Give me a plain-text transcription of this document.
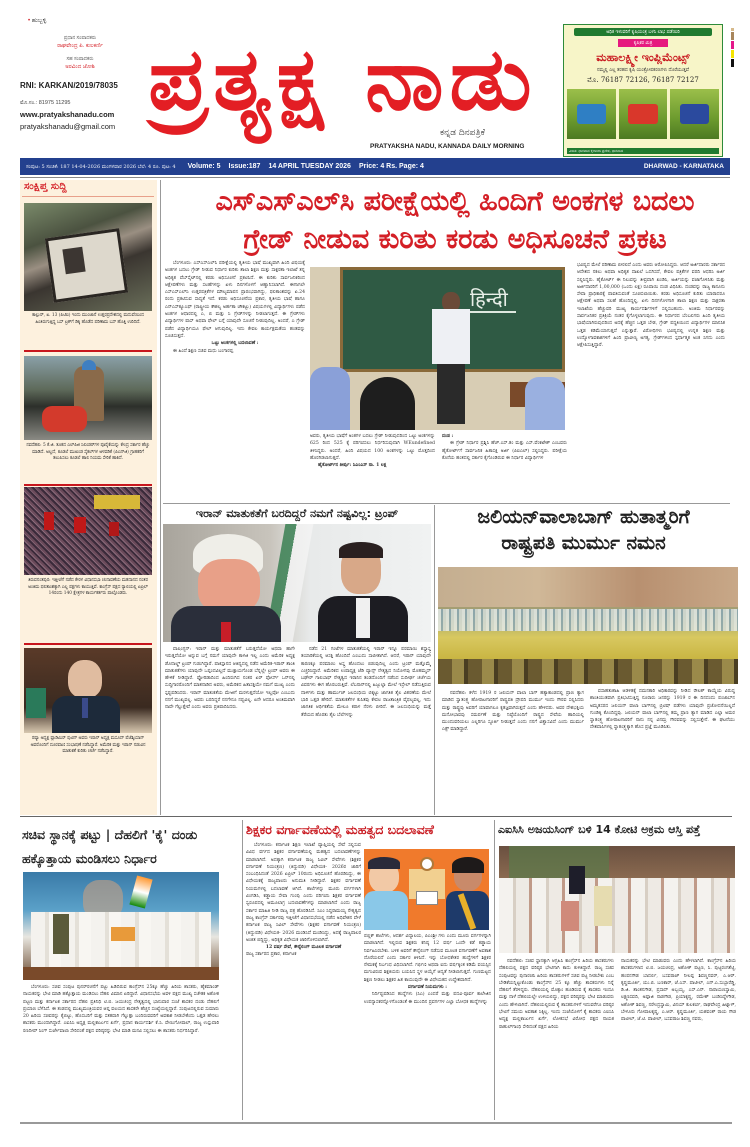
• ಹುಬ್ಬಳ್ಳಿ
ಪ್ರಧಾನ ಸಂಪಾದಕರು
ರಾಘವೇಂದ್ರ ಪಿ. ಕುಲಕರ್ಣಿ
ಸಹ ಸಂಪಾದಕರು
ಅರವಿಂದ ಜೋಶಿ
RNI: KARKAN/2019/78035
ಮೊ.ಸಂ.: 81975 11295
www.pratyakshanadu.com
pratyakshanadu@gmail.com ಪ್ರತ್ಯಕ್ಷ ನಾಡು
ಕನ್ನಡ ದಿನಪತ್ರಿಕೆ
PRATYAKSHA NADU, KANNADA DAILY MORNING
ಅಧಿಕ ಇಳುವರಿಗೆ ಕೃಷಿಯಂತ್ರ ಬಳಸಿ ಲಾಭ ಪಡೆಯಿರಿ
ಕೃಷಿಕರ ಮಿತ್ರ
ಮಹಾಲಕ್ಷ್ಮೀ ಇಂಪ್ಲಿಮೆಂಟ್ಸ್
ನಮ್ಮಲ್ಲಿ ಎಲ್ಲ ತರಹದ ಕೃಷಿ ಯಂತ್ರೋಪಕರಣಗಳು ದೊರೆಯುತ್ತವೆ
ಮೊ. 76187 72126, 76187 72127
ವಿಳಾಸ: ಧಾರವಾಡ ಕೈಗಾರಿಕಾ ಪ್ರದೇಶ, ಧಾರವಾಡ
ಸಂಪುಟ: 5 ಸಂಚಿಕೆ: 187 14-04-2026 ಮಂಗಳವಾರ 2026 ಬೆಲೆ: 4 ರೂ. ಪುಟ: 4 Volume: 5 Issue:187 14 APRIL TUESDAY 2026 Price: 4 Rs. Page: 4	DHARWAD - KARNATAKA
ಸಂಕ್ಷಿಪ್ತ ಸುದ್ದಿ
ಕಾಲ್ಪುರ್, ಏ. 13 (ಪಿಟಿಐ) ಇಂದು ಮುಂಜಾನೆ ಉತ್ತರಪ್ರದೇಶದಲ್ಲಿ ಮದುವೆಯಿಂದ ಹಿಂತಿರುಗುತ್ತಿದ್ದ ಬಸ್ ಟ್ರಕ್‌ಗೆ ಡಿಕ್ಕಿ ಹೊಡೆದ ಪರಿಣಾಮ ಬಸ್ ಹೊತ್ತಿ ಉರಿದಿದೆ.
ನವದೆಹಲಿ: 5 ಕೆ.ಜಿ. ತೂಕದ ಎಲ್‌ಪಿಜಿ ಸಿಲಿಂಡರ್‌ಗಳ ಪೂರೈಕೆಯನ್ನು ಕೇಂದ್ರ ಸರ್ಕಾರ ಹೆಚ್ಚು ಮಾಡಿದೆ. ಅಲ್ಲದೆ, ಕೂಡಲೆ ಮುಖಂಡ ಸೈಕಲ್‌ಗಳ ಅಳವಡಿಕೆ (ಪಿಎನ್‌ಜಿ) ಗ್ರಾಹಕರಿಗೆ ತಲುಪಿಸಲು ಕೂಡಲೆ ಹಾಲಿ ನಿಯಮ ಸೇರಿಕೆ ಹಾಕಿದೆ.
ತಿರುವನಂತಪುರ: ಇತ್ತೀಚೆಗೆ ನಡೆದ ಕೇರಳ ವಿಧಾನಸಭಾ ಚುನಾವಣೆಯ ಮತದಾನದ ನಂತರ ಅಂತಿಮ ಫಲಿತಾಂಶಕ್ಕಾಗಿ ಎಲ್ಲ ಪಕ್ಷಗಳು ಕಾಯುತ್ತಿವೆ. ಕಾಂಗ್ರೆಸ್ ಪಕ್ಷದ ರ‍್ಯಾಲಿಯಲ್ಲಿ ಏಪ್ರಿಲ್ 14ರಂದು 140 ಕ್ಷೇತ್ರಗಳ ಕಾರ್ಯಕರ್ತರು ಪಾಲ್ಗೊಂಡರು.
ರಷ್ಯಾ ಅಧ್ಯಕ್ಷ ವ್ಲಾಡಿಮಿರ್ ಪುಟಿನ್ ಅವರು ಇರಾನ್ ಅಧ್ಯಕ್ಷ ಮಸೂದ್ ಪೆಜೆಶ್ಕಿಯಾನ್ ಅವರೊಂದಿಗೆ ದೂರವಾಣಿ ಸಂಭಾಷಣೆ ನಡೆಸಿದ್ದಾರೆ. ಅಮೆರಿಕ ಮತ್ತು ಇರಾನ್ ನಡುವಿನ ಮಾತುಕತೆ ಕುರಿತು ಚರ್ಚೆ ನಡೆಸಿದ್ದಾರೆ.
ಎಸ್‌ಎಸ್‌ಎಲ್‌ಸಿ ಪರೀಕ್ಷೆಯಲ್ಲಿ ಹಿಂದಿಗೆ ಅಂಕಗಳ ಬದಲು
ಗ್ರೇಡ್ ನೀಡುವ ಕುರಿತು ಕರಡು ಅಧಿಸೂಚನೆ ಪ್ರಕಟ

ಬೆಂಗಳೂರು: ಎಸ್‌ಎಸ್‌ಎಲ್‌ಸಿ ಪರೀಕ್ಷೆಯಲ್ಲಿ ತೃತೀಯ ಭಾಷೆ ಮುಖ್ಯವಾಗಿ ಹಿಂದಿ ವಿಷಯಕ್ಕೆ ಅಂಕಗಳ ಬದಲು ಗ್ರೇಡ್ ನೀಡುವ ನಿರ್ಧಾರ ಕುರಿತು ಶಾಲಾ ಶಿಕ್ಷಣ ಮತ್ತು ಸಾಕ್ಷರತಾ ಇಲಾಖೆ ತನ್ನ ಅಧಿಕೃತ ವೆಬ್‌ಸೈಟ್‌ನಲ್ಲಿ ಕರಡು ಅಧಿಸೂಚನೆ ಪ್ರಕಟಿಸಿದೆ. ಈ ಕುರಿತು ಸಾರ್ವಜನಿಕರಿಂದ ಆಕ್ಷೇಪಣೆಗಳು ಮತ್ತು ಸಲಹೆಗಳನ್ನು ಏಳು ದಿನಗಳೊಳಗೆ ಆಹ್ವಾನಿಸಲಾಗಿದೆ. ಈಗಾಗಲೇ ಎಸ್‌ಎಸ್‌ಎಲ್‌ಸಿ ಉತ್ತರಪತ್ರಿಕೆಗಳ ಮೌಲ್ಯಮಾಪನ ಪ್ರಾರಂಭವಾಗಿದ್ದು, ಫಲಿತಾಂಶವನ್ನು ಏ.24 ರಂದು ಪ್ರಕಟಿಸುವ ಸಾಧ್ಯತೆ ಇದೆ. ಕರಡು ಅಧಿಸೂಚನೆಯ ಪ್ರಕಾರ, ತೃತೀಯ ಭಾಷೆ ಹಾಗೂ ಎನ್‌ಎಸ್‌ಕ್ಯೂಎಫ್ (ರಾಷ್ಟ್ರೀಯ ಕೌಶಲ್ಯ ಅರ್ಹತಾ ಚೌಕಟ್ಟು) ವಿಷಯಗಳಲ್ಲಿ ವಿದ್ಯಾರ್ಥಿಗಳು ಪಡೆದ ಅಂಕಗಳ ಆಧಾರದಲ್ಲಿ ಎ, ಬಿ ಮತ್ತು ಸಿ ಗ್ರೇಡ್‌ಗಳನ್ನು ನೀಡಲಾಗುತ್ತದೆ. ಈ ಗ್ರೇಡ್‌ಗಳು ವಿದ್ಯಾರ್ಥಿಗಳ ಪಾಸ್ ಅಥವಾ ಫೇಲ್ ಬಗ್ಗೆ ಯಾವುದೇ ಸೂಚನೆ ನೀಡುವುದಿಲ್ಲ. ಅಂದರೆ, ಎ ಗ್ರೇಡ್ ಪಡೆದ ವಿದ್ಯಾರ್ಥಿಯೂ ಫೇಲ್ ಆಗುವುದಿಲ್ಲ. ಇದು ಕೇವಲ ಕಾರ್ಯಕ್ಷಮತೆಯ ಹಂತವನ್ನು ಸೂಚಿಸುತ್ತದೆ.

ಒಟ್ಟು ಅಂಕಗಳಲ್ಲಿ ಬದಲಾವಣೆ :

ಈ ಹಿಂದೆ ಶಿಕ್ಷಣ ಸಚಿವ ಮಧು ಬಂಗಾರಪ್ಪ

हिन्दी

ಅವರು, ತೃತೀಯ ಭಾಷೆಗೆ ಅಂಕಗಳ ಬದಲು ಗ್ರೇಡ್ ನೀಡುವುದರಿಂದ ಒಟ್ಟು ಅಂಕಗಳನ್ನು 625 ರಿಂದ 525 ಕ್ಕೆ ಪರಿಗಣಿಸಲು ನಿರ್ಧರಿಸುವುದಾಗಿ WEundefined ತಿಳಿಸಿದ್ದರು. ಅಂದರೆ, ಹಿಂದಿ ವಿಷಯದ 100 ಅಂಕಗಳನ್ನು ಒಟ್ಟು ಮೊತ್ತದಿಂದ ಹೊರಗಿಡಲಾಗುತ್ತದೆ.

ಹೈಕೋರ್ಟ್‌ನ ತೀರ್ಪು: ಸಿಎಂಎಸ್ ನಾ. 1 ಲಕ್ಷ

ದಂಡ :

ಈ ಗ್ರೇಡ್ ನಿರ್ಧಾರ ಪ್ರಶ್ನಿಸಿ ಹೆಚ್.ಎಸ್.ತಂ ಮತ್ತು ಎಸ್.ವೆಂಕಟೇಶ್ ಎಂಬವರು ಹೈಕೋರ್ಟ್‌ಗೆ ಸಾರ್ವಜನಿಕ ಹಿತಾಸಕ್ತಿ ಅರ್ಜಿ (ಪಿಐಎಲ್) ಸಲ್ಲಿಸಿದ್ದರು. ಪರೀಕ್ಷೆಯ ಕೊನೆಯ ಹಂತದಲ್ಲಿ ಸರ್ಕಾರ ಕೈಗೊಂಡಿರುವ ಈ ನಿರ್ಧಾರ ವಿದ್ಯಾರ್ಥಿಗಳ

ಭವಿಷ್ಯದ ಮೇಲೆ ಪರಿಣಾಮ ಬೀರಲಿದೆ ಎಂದು ಅವರು ಆರೋಪಿಸಿದ್ದರು. ಆದರೆ ಅರ್ಜಿದಾರರು ಸರ್ಕಾರದ ಆದೇಶದ ನಕಲು ಅಥವಾ ಅಧಿಕೃತ ದಾಖಲೆ ಒದಗಿಸದೆ, ಕೇವಲ ಪತ್ರಿಕೆಗಳ ವರದಿ ಆಧರಿಸಿ ಅರ್ಜಿ ಸಲ್ಲಿಸಿದ್ದರು. ಹೈಕೋರ್ಟ್ ಈ ನಿಲುವನ್ನು ತೀವ್ರವಾಗಿ ಖಂಡಿಸಿ, ಅರ್ಜಿಯನ್ನು ವಜಾಗೊಳಿಸಿತು ಮತ್ತು ಅರ್ಜಿದಾರರಿಗೆ 1,00,000 (ಒಂದು ಲಕ್ಷ) ರೂಪಾಯಿ ದಂಡ ವಿಧಿಸಿತು. ದಂಡವನ್ನು ರಾಜ್ಯ ಕಾನೂನು ಸೇವಾ ಪ್ರಾಧಿಕಾರಕ್ಕೆ ಪಾವತಿಸುವಂತೆ ಸೂಚಿಸಲಾಯಿತು. ಕರಡು ಅಧಿಸೂಚನೆ ಕುರಿತು ಯಾರಾದರೂ ಆಕ್ಷೇಪಣೆ ಅಥವಾ ಸಲಹೆ ಹೊಂದಿದ್ದಲ್ಲಿ, ಏಳು ದಿನಗಳೊಳಗಾಗಿ ಶಾಲಾ ಶಿಕ್ಷಣ ಮತ್ತು ಸಾಕ್ಷರತಾ ಇಲಾಖೆಯ ಹೆಚ್ಚುವರಿ ಮುಖ್ಯ ಕಾರ್ಯದರ್ಶಿಗಳಿಗೆ ಸಲ್ಲಿಸಬಹುದು. ಅಂತಿಮ ನಿರ್ಧಾರವನ್ನು ಸಾರ್ವಜನಿಕರ ಪ್ರತಿಕ್ರಿಯೆ ನಂತರ ಕೈಗೊಳ್ಳಲಾಗುವುದು. ಈ ನಿರ್ಧಾರದ ಬೆಂಬಲಿಗರು ಹಿಂದಿ ತೃತೀಯ ಭಾಷೆಯಾಗಿರುವುದರಿಂದ ಅದಕ್ಕೆ ಹೆಚ್ಚಿನ ಒತ್ತಡ ಬೇಡ, ಗ್ರೇಡ್ ಪದ್ಧತಿಯಿಂದ ವಿದ್ಯಾರ್ಥಿಗಳ ಮಾನಸಿಕ ಒತ್ತಡ ಕಡಿಮೆಯಾಗುತ್ತದೆ ಎನ್ನುತ್ತಾರೆ. ವಿರೋಧಿಗಳು ಭವಿಷ್ಯದಲ್ಲಿ ಉನ್ನತ ಶಿಕ್ಷಣ ಮತ್ತು ಉದ್ಯೋಗಾವಕಾಶಗಳಿಗೆ ಹಿಂದಿ ಪ್ರಾವೀಣ್ಯ ಅಗತ್ಯ, ಗ್ರೇಡ್‌ಗಳಿಂದ ಸ್ಪರ್ಧಾತ್ಮಕ ಅಂಕ ಸಿಗದು ಎಂದು ಆಕ್ಷೇಪಿಸುತ್ತಿದ್ದಾರೆ.

ಇರಾನ್ ಮಾತುಕತೆಗೆ ಬರದಿದ್ದರೆ ನಮಗೆ ನಷ್ಟವಿಲ್ಲ: ಟ್ರಂಪ್

ವಾಷಿಂಗ್ಟನ್: ಇರಾನ್ ಮತ್ತು ಮಾತುಕತೆಗೆ ಬರುತ್ತದೆಯೋ ಅಥವಾ ಹಾಗೇ ಇರುತ್ತದೆಯೋ ಅನ್ನುವ ಬಗ್ಗೆ ನಮಗೆ ಯಾವುದೇ ಕಾಳಜಿ ಇಲ್ಲ ಎಂದು ಅಮೆರಿಕ ಅಧ್ಯಕ್ಷ ಡೊನಾಲ್ಡ್ ಟ್ರಂಪ್ ಗುಡುಗಿದ್ದಾರೆ. ಪಾಕಿಸ್ತಾನದ ಆತಿಥ್ಯದಲ್ಲಿ ನಡೆದ ಅಮೆರಿಕ-ಇರಾನ್ ಶಾಂತಿ ಮಾತುಕತೆಗಳು ಯಾವುದೇ ಒಪ್ಪಂದವಿಲ್ಲದೆ ಮುಕ್ತಾಯಗೊಂಡ ಬೆನ್ನಲ್ಲೇ ಟ್ರಂಪ್ ಅವರು ಈ ಹೇಳಿಕೆ ನೀಡಿದ್ದಾರೆ. ಫ್ಲೋರಿಡಾದಿಂದ ಹಿಂದಿರುಗಿದ ನಂತರ ಏರ್ ಫೋರ್ಸ್ ಒನ್‌ನಲ್ಲಿ ಸುದ್ದಿಗಾರರೊಂದಿಗೆ ಮಾತನಾಡಿದ ಅವರು, ಅಮೆರಿಕದ ಹಿತಾಸಕ್ತಿಯೇ ನಮಗೆ ಮುಖ್ಯ ಎಂದು ಸ್ಪಷ್ಟಪಡಿಸಿದರು. ಇರಾನ್ ಮಾತುಕತೆಯ ಮೇಜಿಗೆ ಮರಳುತ್ತದೆಯೋ ಇಲ್ಲವೋ ಎಂಬುದು ನನಗೆ ಮುಖ್ಯವಲ್ಲ. ಅವರು ಬರದಿದ್ದರೆ ನನಗೇನೂ ನಷ್ಟವಿಲ್ಲ. ಏನೇ ಆದರೂ ಅಂತಿಮವಾಗಿ ನಾವೇ ಗೆಲ್ಲುತ್ತೇವೆ ಎಂದು ಅವರು ಪ್ರತಿಪಾದಿಸಿದರು.

ನಡೆದ 21 ಗಂಟೆಗಳ ಮಾತುಕತೆಯಲ್ಲಿ ಇರಾನ್ ಇನ್ನೂ ಪರಮಾಣು ಶಸ್ತ್ರಾಸ್ತ್ರ ತಯಾರಿಕೆಯಲ್ಲಿ ಆಸಕ್ತಿ ಹೊಂದಿದೆ ಎಂಬುದು ಸಾಬೀತಾಗಿದೆ. ಆದರೆ, ಇರಾನ್ ಯಾವುದೇ ಕಾರಣಕ್ಕೂ ಪರಮಾಣು ಅಸ್ತ್ರ ಹೊಂದಲು ಬಿಡುವುದಿಲ್ಲ ಎಂದು ಟ್ರಂಪ್ ಮತ್ತೊಮ್ಮೆ ಎಚ್ಚರಿಸಿದ್ದಾರೆ. ಅಮೆರಿಕದ ಉಪಾಧ್ಯಕ್ಷ ಜೆಡಿ ವ್ಯಾನ್ಸ್ ನೇತೃತ್ವದ ನಿಯೋಗವು ಮೊಹಮ್ಮದ್ ಬಘೇರ್ ಗಾಲಿಬಾಫ್ ನೇತೃತ್ವದ ಇರಾನಿನ ತಂಡದೊಂದಿಗೆ ನಡೆಸಿದ ಸುದೀರ್ಘ ಚರ್ಚೆಯ ವಿವರಗಳು ಈಗ ಹೊರಬರುತ್ತಿವೆ. ಲೆಬನಾನ್‌ನಲ್ಲಿ ಹಿಜ್ಬುಲ್ಲಾ ಮೇಲೆ ಇಸ್ರೇಲ್ ನಡೆಸುತ್ತಿರುವ ದಾಳಿಗಳು ಮತ್ತು ಹಾರ್ಮುಜ್ ಜಲಸಂಧಿಯ ಬಿಕ್ಕಟ್ಟು ಜಾಗತಿಕ ತೈಲ ವಿತರಣೆಯ ಮೇಲೆ ಭಾರಿ ಒತ್ತಡ ಹೇರಿದೆ. ಮಾತುಕತೆಗಳ ಕುಸಿತವು ಕೇವಲ ರಾಜತಾಂತ್ರಿಕ ವೈಫಲ್ಯವಲ್ಲ, ಇದು ಜಾಗತಿಕ ಆರ್ಥಿಕತೆಯ ಮೇಲೂ ಕರಾಳ ನೆರಳು ಬೀರಿದೆ. ಈ ಜಲಸಂಧಿಯನ್ನು ಮತ್ತೆ ತೆರೆಯದ ಹೊರತು ತೈಲ ಬೆಲೆಗಳನ್ನು

ಜಲಿಯನ್‌ವಾಲಾಬಾಗ್ ಹುತಾತ್ಮರಿಗೆ
ರಾಷ್ಟ್ರಪತಿ ಮುರ್ಮು ನಮನ

ನವದೆಹಲಿ: ಕಳೆದ 1919 ರ ಜಲಿಯನ್ ವಾಲಾ ಬಾಗ್ ಹತ್ಯಾಕಾಂಡದಲ್ಲಿ ಪ್ರಾಣ ತ್ಯಾಗ ಮಾಡಿದ ಸ್ವಾತಂತ್ರ್ಯ ಹೋರಾಟಗಾರರಿಗೆ ರಾಷ್ಟ್ರಪತಿ ದ್ರೌಪದಿ ಮುರ್ಮು ಇಂದು ಗೌರವ ಸಲ್ಲಿಸಿದರು ಮತ್ತು ರಾಷ್ಟ್ರವು ಅವರಿಗೆ ಯಾವಾಗಲೂ ಕೃತಜ್ಞವಾಗಿರುತ್ತದೆ ಎಂದು ಹೇಳಿದರು. ಅವರ ದೇಶಭಕ್ತಿಯ ಮನೋಭಾವವು ಸಮರ್ಪಣೆ ಮತ್ತು ನಿಷ್ಠೆಯೊಂದಿಗೆ ರಾಷ್ಟ್ರದ ಸೇವೆಯ ಹಾದಿಯಲ್ಲಿ ಮುಂದುವರಿಯಲು ಎಲ್ಲರಿಗೂ ಸ್ಫೂರ್ತಿ ನೀಡುತ್ತದೆ ಎಂದು ನನಗೆ ವಿಶ್ವಾಸವಿದೆ ಎಂದು ಮುರ್ಮು ಎಕ್ಸ್ ಮಾಡಿದ್ದಾರೆ.

ವಸಾಹತುಶಾಹಿ ಆಡಳಿತಕ್ಕೆ ದಮನಕಾರಿ ಅಧಿಕಾರವನ್ನು ನೀಡಿದ ರೌಲತ್ ಕಾಯ್ದೆಯ ವಿರುದ್ಧ ಶಾಂತಿಯುತವಾಗಿ ಪ್ರತಿಭಟಿಸುತ್ತಿದ್ದ ನೂರಾರು ಜನರನ್ನು 1919 ರ ಈ ದಿನದಂದು ಪಂಜಾಬ್‌ನ ಅಮೃತಸರದ ಜಲಿಯನ್ ವಾಲಾ ಬಾಗ್‌ನಲ್ಲಿ ಬ್ರಿಟಿಷ್ ಪಡೆಗಳು ಯಾವುದೇ ಪ್ರಚೋದನೆಯಿಲ್ಲದೆ ಗುಂಡಿಕ್ಕಿ ಕೊಂದಿದ್ದವು. ಜಲಿಯನ್ ವಾಲಾ ಬಾಗ್‌ನಲ್ಲಿ ತಮ್ಮ ಪ್ರಾಣ ತ್ಯಾಗ ಮಾಡಿದ ಎಲ್ಲಾ ಅಮರ ಸ್ವಾತಂತ್ರ್ಯ ಹೋರಾಟಗಾರರಿಗೆ ನಾನು ನನ್ನ ವಿನಮ್ರ ಗೌರವವನ್ನು ಸಲ್ಲಿಸುತ್ತೇನೆ. ಈ ಘಟನೆಯು ದೇಶವಾಸಿಗಳಲ್ಲಿ ಸ್ವಾತಂತ್ರ್ಯಕ್ಕಾಗಿ ಹೊಸ ಪ್ರಜ್ಞೆ ಮೂಡಿಸಿತು.

ಸಚಿವ ಸ್ಥಾನಕ್ಕೆ ಪಟ್ಟು | ದೆಹಲಿಗೆ 'ಕೈ' ದಂಡು
ಹಕ್ಕೊತ್ತಾಯ ಮಂಡಿಸಲು ನಿರ್ಧಾರ

ಬೆಂಗಳೂರು: ಸಚಿವ ಸಂಪುಟ ಪುನರ್‌ರಚನೆಗೆ ಪಟ್ಟು ಹಿಡಿದಿರುವ ಕಾಂಗ್ರೆಸ್‌ನ 25ಕ್ಕೂ ಹೆಚ್ಚು ಹಿರಿಯ ಶಾಸಕರು, ಹೈಕಮಾಂಡ್ ನಾಯಕರನ್ನು ಭೇಟಿ ಮಾಡಿ ಹಕ್ಕೊತ್ತಾಯ ಮಂಡಿಸಲು ದೆಹಲಿ ವಿಮಾನ ಏರಿದ್ದಾರೆ. ವಿಧಾನಸಭೆಯ ಅವಳಿ ಪಕ್ಷದ ಮುಖ್ಯ ಸಚೇತಕ ಅಶೋಕ ಪಟ್ಟಣ ಮತ್ತು ಕರ್ನಾಟಕ ಸರ್ಕಾರದ ದೆಹಲಿ ಪ್ರತಿನಿಧಿ ಟಿ.ಬಿ. ಜಯಚಂದ್ರ ನೇತೃತ್ವದಲ್ಲಿ ಭಾನುವಾರ ಸಂಜೆ ಶಾಸಕರ ದಂಡು ದೆಹಲಿಗೆ ಪ್ರಯಾಣ ಬೆಳೆಸಿದೆ. ಈ ತಂಡದಲ್ಲಿ ಮುಖ್ಯಮಂತ್ರಿಯವರ ಆಪ್ತ ವಲಯದ ಶಾಸಕರೇ ಹೆಚ್ಚಿನ ಸಂಖ್ಯೆಯಲ್ಲಿದ್ದಾರೆ. ಸಂಪುಟದಲ್ಲಿರುವ ಸುಮಾರು 20 ಹಿರಿಯ ಸಚಿವರನ್ನು ಕೈಬಿಟ್ಟು, ಹೊಸಬರಿಗೆ ಮತ್ತು ಸತತವಾಗಿ ಗೆಲ್ಲುತ್ತಾ ಬಂದಿರುವವರಿಗೆ ಅವಕಾಶ ನೀಡಬೇಕೆಂದು ಒತ್ತಡ ಹೇರಲು ಶಾಸಕರು ಮುಂದಾಗಿದ್ದಾರೆ. ಎಐಸಿಸಿ ಅಧ್ಯಕ್ಷ ಮಲ್ಲಿಕಾರ್ಜುನ ಖರ್ಗೆ, ಪ್ರಧಾನ ಕಾರ್ಯದರ್ಶಿ ಕೆ.ಸಿ. ವೇಣುಗೋಪಾಲ್, ರಾಜ್ಯ ಉಸ್ತುವಾರಿ ರಣದೀಪ್ ಸಿಂಗ್ ಸುರ್ಜೇವಾಲಾ ಸೇರಿದಂತೆ ಪಕ್ಷದ ವರಿಷ್ಠರನ್ನು ಭೇಟಿ ಮಾಡಿ ಮನವಿ ಸಲ್ಲಿಸಲು ಈ ಶಾಸಕರು ನಿರ್ಧರಿಸಿದ್ದಾರೆ.

ಶಿಕ್ಷಕರ ವರ್ಗಾವಣೆಯಲ್ಲಿ ಮಹತ್ವದ ಬದಲಾವಣೆ

ಬೆಂಗಳೂರು: ಕರ್ನಾಟಕ ಶಿಕ್ಷಣ ಇಲಾಖೆ ವ್ಯಾಪ್ತಿಯಲ್ಲಿ ಸೇವೆ ಸಲ್ಲಿಸುವ ವಿವಿಧ ವರ್ಗದ ಶಿಕ್ಷಕರ ವರ್ಗಾವಣೆಯಲ್ಲಿ ಮಹತ್ವದ ಬದಲಾವಣೆಗಳನ್ನು ಮಾಡಲಾಗಿದೆ. ಅದಕ್ಕಾಗಿ ಕರ್ನಾಟಕ ರಾಜ್ಯ ಸಿವಿಲ್ ಸೇವೆಗಳು (ಶಿಕ್ಷಕರ ವರ್ಗಾವಣೆ ನಿಯಂತ್ರಣ) (ತಿದ್ದುಪಡಿ) ವಿಧೇಯಕ- 2026ರ ಜಾರಿಗೆ ಸಂಬಂಧಿಸಿದಂತೆ 2026 ಏಪ್ರಿಲ್ 10ರಂದು ಅಧಿಸೂಚನೆ ಹೊರಡಿಸಿದ್ದು, ಈ ವಿಧೇಯಕಕ್ಕೆ ರಾಜ್ಯಪಾಲರು ಅನುಮತಿ ನೀಡಿದ್ದಾರೆ. ಶಿಕ್ಷಕರ ವರ್ಗಾವಣೆ ನಿಯಮಗಳಲ್ಲಿ ಬದಲಾವಣೆ ಆಗಿದೆ. ಶಾಲೆಗಳನ್ನು ಮೂರು ವರ್ಗಗಳಾಗಿ ವಿಂಗಡಿಸಿ, ಕಡ್ಡಾಯ ಸೇವಾ ಗುಂಪು ಎಂದು ಪರಿಗಣಿಸಿ ಶಿಕ್ಷಕರ ವರ್ಗಾವಣೆ ಸ್ವರೂಪದಲ್ಲಿ ಅಮೂಲಾಗ್ರ ಬದಲಾವಣೆಗಳನ್ನು ಮಾಡಲಾಗಿದೆ ಎಂದು ರಾಜ್ಯ ಸರ್ಕಾರ ಮಾಹಿತಿ ನೀಡಿ ರಾಜ್ಯ ಪತ್ರ ಹೊರಡಿಸಿದೆ. ಸಿಎಂ ಸಿದ್ದರಾಮಯ್ಯ ನೇತೃತ್ವದ ರಾಜ್ಯ ಕಾಂಗ್ರೆಸ್ ಸರ್ಕಾರವು ಇತ್ತೀಚೆಗೆ ವಿಧಾನಸಭೆಯಲ್ಲಿ ನಡೆದ ಅಧಿವೇಶನ ವೇಳೆ ಕರ್ನಾಟಕ ರಾಜ್ಯ ಸಿವಿಲ್ ಸೇವೆಗಳು (ಶಿಕ್ಷಕರ ವರ್ಗಾವಣೆ ನಿಯಂತ್ರಣ) (ತಿದ್ದುಪಡಿ) ವಿಧೇಯಕ- 2026 ಮಂಡಿಸಿದೆ ಮಂಡಿಸಿದ್ದು, ಅದಕ್ಕೆ ರಾಜ್ಯಪಾಲರ ಅಂಕಿತ ಬಿದ್ದಿದ್ದು, ಅಧಿಕೃತ ವಿಧೇಯಕ ಜಾರಿಗೊಳಿಸಲಾಗಿದೆ.

12 ವರ್ಷ ಸೇವೆ, ಕೌನ್ಸೆಲಿಂಗ್ ಮೂಲಕ ವರ್ಗಾವಣೆ

ರಾಜ್ಯ ಸರ್ಕಾರದ ಪ್ರಕಾರ, ಕರ್ನಾಟಕ

ಪಬ್ಲಿಕ್ ಶಾಲೆಗಳು, ಆದರ್ಶ ವಿದ್ಯಾಲಯ, ಪಿಎಂಶ್ರೀ ಗಳು ಎಂದು ಮೂರು ವರ್ಗಗಳನ್ನಾಗಿ ಮಾಡಲಾಗಿದೆ. ಇಲ್ಲಿರುವ ಶಿಕ್ಷಕರು ಕನಿಷ್ಠ 12 ವರ್ಷ ಒಂದೇ ಕಡೆ ಕಡ್ಡಾಯ ನಿರ್ವಹಿಸಿರಬೇಕು. ಬಳಿಕ ಅವರಿಗೆ ಕೌನ್ಸೆಲಿಂಗ್ ನಡೆಸುವ ಮೂಲಕ ವರ್ಗಾವಣೆಗೆ ಅವಕಾಶ ದೊರೆಯಲಿದೆ ಎಂದು ಸರ್ಕಾರ ತಿಳಿಸಿದೆ. ಇನ್ನು ಬೋಧಕೇತರ ಹುದ್ದೆಗಳಿಗೆ ಶಿಕ್ಷಕರ ನೇಮಕಕ್ಕೆ ನಿರ್ಬಂಧ ವಿಧಿಸಲಾಗಿದೆ. ಗರ್ಭಿಣಿ ಅಥವಾ ಐದು ವರ್ಷಕ್ಕಿಂತ ಕಡಿಮೆ ವಯಸ್ಸಿನ ಮಗುವಿರುವ ಶಿಕ್ಷಕಿಯರು ಬಯಸಿದ ಸ್ಥಳ ಆಯ್ಕೆಗೆ ಆದ್ಯತೆ ನೀಡಲಾಗುತ್ತದೆ. ಗುಣಮಟ್ಟದ ಶಿಕ್ಷಣ ನೀಡಲು ಶಿಕ್ಷಕರ ಹಿತ ಕಾಯುವುದೇ ಈ ವಿಧೇಯಕದ ಉದ್ದೇಶವಾಗಿದೆ.

ವರ್ಗಾವಣೆ ನಿಯಮಗಳು :

ನಿರ್ದಿಷ್ಟಪಡಿಸಿದ ಹುದ್ದೆಗಳು (ಸಿಎ) ಎಂದರೆ ಮತ್ತು ಪದವಿ-ಪೂರ್ವ ಕಾಲೇಜಿನ ಉಪನ್ಯಾಸಕರನ್ನೊಳಗೊಂಡಂತೆ ಈ ಮುಂದಿನ ಪ್ರವರ್ಗಗಳ ಎಲ್ಲಾ ಬೋಧಕ ಹುದ್ದೆಗಳನ್ನು

ಎಐಸಿಸಿ ಅಜಯಸಿಂಗ್ ಬಳಿ 14 ಕೋಟಿ ಅಕ್ರಮ ಆಸ್ತಿ ಪತ್ತೆ

ನವದೆಹಲಿ: ಸಚಿವ ಸ್ಥಾನಕ್ಕಾಗಿ ಆಗ್ರಹಿಸಿ ಕಾಂಗ್ರೆಸ್‌ನ ಹಿರಿಯ ಶಾಸಕರುಗಳು ದೆಹಲಿಯಲ್ಲಿ ಪಕ್ಷದ ವರಿಷ್ಠರ ಭೇಟಿಗಾಗಿ ಕಾದು ಕುಳಿತಿದ್ದಾರೆ. ರಾಜ್ಯ ಸಚಿವ ಸಂಪುಟವನ್ನು ಪುನಾರಚಿಸಿ ಹಿರಿಯ ಶಾಸಕರುಗಳಿಗೆ ಸಚಿವ ಪಟ್ಟ ನೀಡಬೇಕು ಎಂಬ ಬೇಡಿಕೆಯನ್ನಿಟ್ಟುಕೊಂಡು ಕಾಂಗ್ರೆಸ್‌ನ 25 ಕ್ಕೂ ಹೆಚ್ಚು ಶಾಸಕರುಗಳು ನಿನ್ನೆ ದೆಹಲಿಗೆ ತೆರಳಿದ್ದರು. ದೆಹಲಿಯಲ್ಲಿ ಮೊಕ್ಕಾಂ ಹೂಡಿರುವ ಕೈ ಶಾಸಕರು ಇಂದೂ ಮತ್ತು ನಾಳೆ ದೆಹಲಿಯಲ್ಲೇ ಉಳಿಯಲಿದ್ದು, ಪಕ್ಷದ ವರಿಷ್ಠರನ್ನು ಭೇಟಿ ಮಾಡುವರು ಎಂದು ಹೇಳಲಾಗಿದೆ. ದೆಹಲಿಯಲ್ಲಿರುವ ಕೈ ಶಾಸಕರುಗಳಿಗೆ ಇದುವರೆಗೂ ವರಿಷ್ಠರ ಭೇಟಿಗೆ ಸಮಯ ಅವಕಾಶ ಸಿಕ್ಕಿಲ್ಲ. ಇಂದು ಸಂಜೆಯೊಳಗೆ ಕೈ ಶಾಸಕರು ಎಐಸಿಸಿ ಅಧ್ಯಕ್ಷ ಮಲ್ಲಿಕಾರ್ಜುನ ಖರ್ಗೆ, ಲೋಕಸಭೆ ವಿರೋಧ ಪಕ್ಷದ ನಾಯಕ ರಾಹುಲ್‌ಗಾಂಧಿ ಸೇರಿದಂತೆ ಪಕ್ಷದ ಹಿರಿಯ

ನಾಯಕರನ್ನು ಭೇಟಿ ಮಾಡುವರು ಎಂದು ಹೇಳಲಾಗಿದೆ. ಕಾಂಗ್ರೆಸ್‌ನ ಹಿರಿಯ ಶಾಸಕರುಗಳಾದ ಟಿ.ಬಿ. ಜಯಚಂದ್ರ, ಅಶೋಕ್ ಪಟ್ಟಣ, ಸಿ. ಪುಟ್ಟರಂಗಶೆಟ್ಟಿ, ಹಂಪನಗೌಡ ಬಾದರ್ಲಿ, ಬಸವರಾಜ್ ನೀಲಪ್ಪ ಶಿವಣ್ಣನವರ್, ಎ.ಆರ್. ಕೃಷ್ಣಮೂರ್ತಿ, ಯು.ಬಿ. ಬಣಕಾರ್, ಜೆ.ಎಸ್. ಪಾಟೀಲ್, ಎನ್.ಎ.ಸುಬ್ಬಾರೆಡ್ಡಿ, ಡಿ.ಜಿ. ಶಾಂತನಗೌಡ, ಪ್ರಸಾದ್ ಅಬ್ಬಯ್ಯ, ಎಸ್.ಎನ್. ನಾರಾಯಣಸ್ವಾಮಿ, ಲಕ್ಷ್ಮಣಸವದಿ, ಅಪ್ಪಾಜಿ ನಾಡಗೌಡ, ಪ್ರಿಯಾಕೃಷ್ಣ, ರಮೇಶ್ ಬಂಡಿಸಿದ್ದೇಗೌಡ, ಅಶೋಕ್ ಶಿವಣ್ಣ, ನರೇಂದ್ರಸ್ವಾಮಿ, ವಿನಯ್ ಕುಲಕರ್ಣಿ, ರಾಘವೇಂದ್ರ ಹಿಟ್ನಾಳ್, ಬೇಳೂರು ಗೋಪಾಲಕೃಷ್ಣ, ಎ.ಆರ್. ಕೃಷ್ಣಮೂರ್ತಿ, ಯಶವಂತ್ ರಾಯ ಗೌಡ ಪಾಟೀಲ್, ಜೆ.ಟಿ. ಪಾಟೀಲ್, ಬಸವರಾಜ ಶಿವಣ್ಣ ನವರು,
